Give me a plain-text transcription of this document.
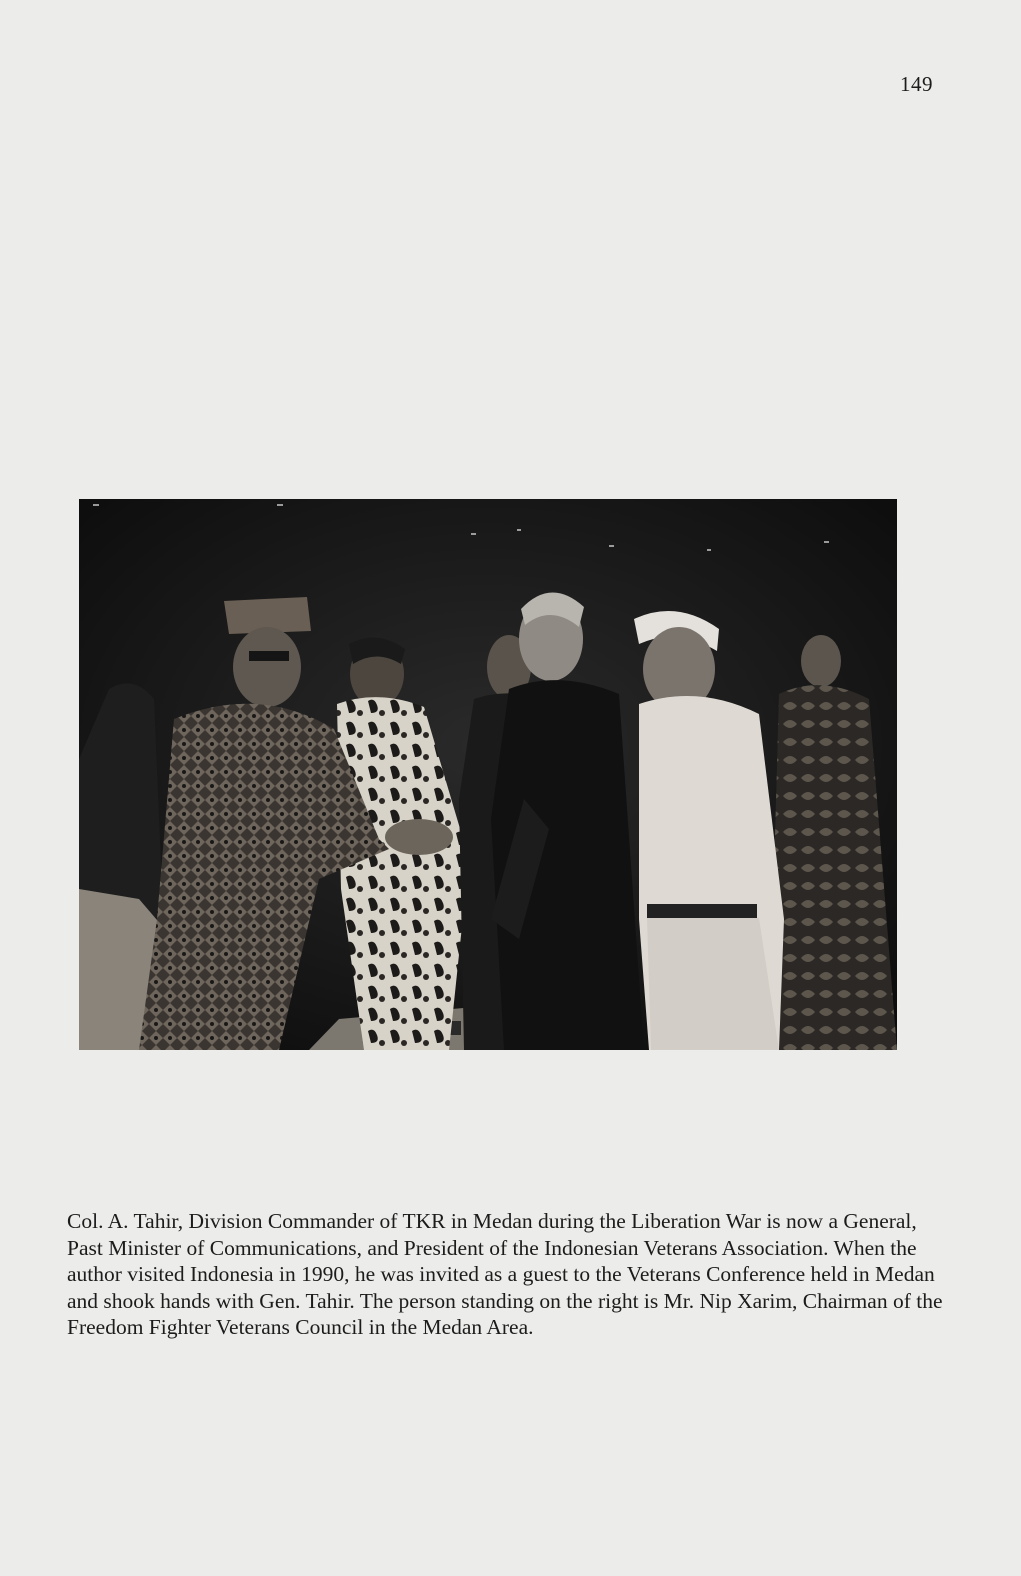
149

Col. A. Tahir, Division Commander of TKR in Medan during the Liberation War is now a General, Past Minister of Communications, and President of the Indonesian Veterans Association. When the author visited Indonesia in 1990, he was invited as a guest to the Veterans Conference held in Medan and shook hands with Gen. Tahir. The person standing on the right is Mr. Nip Xarim, Chairman of the Freedom Fighter Veterans Council in the Medan Area.
